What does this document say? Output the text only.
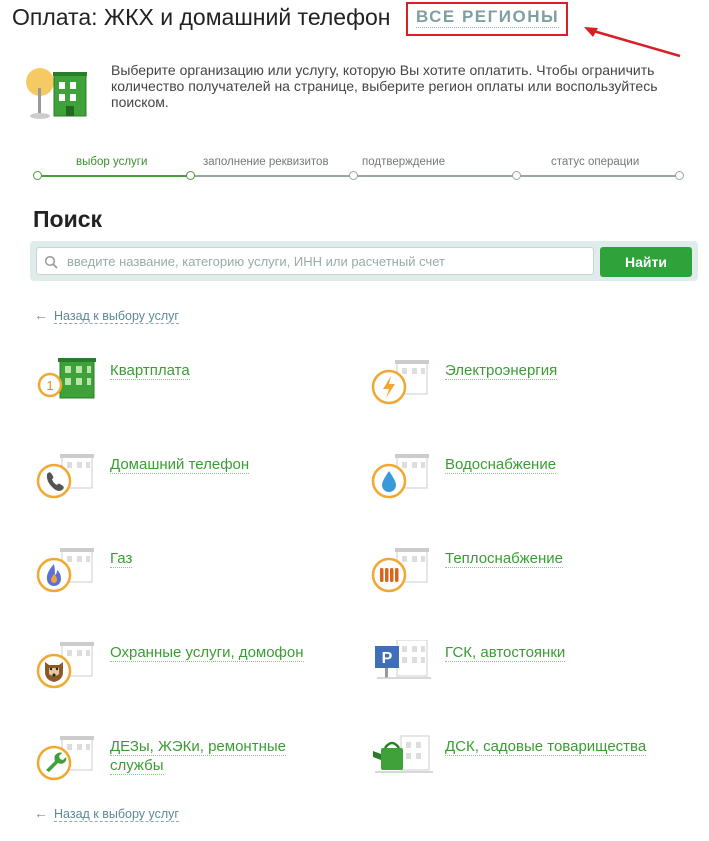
Оплата: ЖКХ и домашний телефон ВСЕ РЕГИОНЫ
Выберите организацию или услугу, которую Вы хотите оплатить. Чтобы ограничить количество получателей на странице, выберите регион оплаты или воспользуйтесь поиском.
выбор услуги	заполнение реквизитов	подтверждение	статус операции
Поиск
введите название, категорию услуги, ИНН или расчетный счет
Найти
← Назад к выбору услуг
1
Квартплата	Электроэнергия
Домашний телефон	Водоснабжение
Газ	Теплоснабжение
Охранные услуги, домофон	P	ГСК, автостоянки
ДЕЗы, ЖЭКи, ремонтные службы
ДСК, садовые товарищества
← Назад к выбору услуг
